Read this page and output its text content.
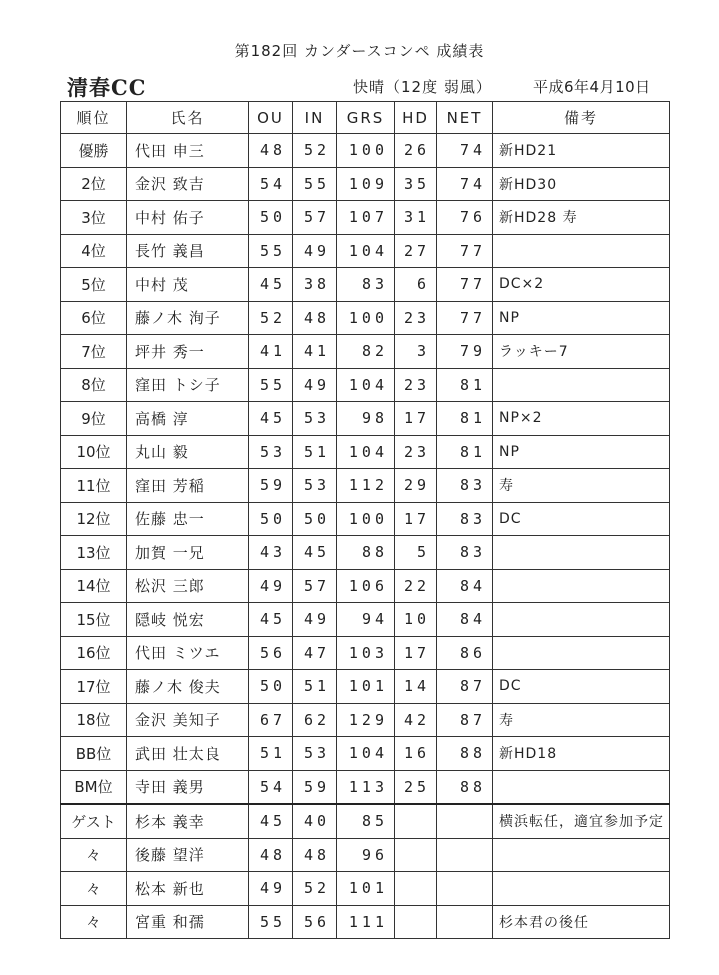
第182回 カンダースコンペ 成績表
清春CC	快晴（12度 弱風）	平成6年4月10日
順位	氏名	OU	IN	GRS	HD	NET	備考
優勝	代田 申三	48	52	100	26	74	新HD21
2位	金沢 致吉	54	55	109	35	74	新HD30
3位	中村 佑子	50	57	107	31	76	新HD28 寿
4位	長竹 義昌	55	49	104	27	77	
5位	中村 茂	45	38	83	6	77	DC×2
6位	藤ノ木 洵子	52	48	100	23	77	NP
7位	坪井 秀一	41	41	82	3	79	ラッキー7
8位	窪田 トシ子	55	49	104	23	81	
9位	高橋 淳	45	53	98	17	81	NP×2
10位	丸山 毅	53	51	104	23	81	NP
11位	窪田 芳稲	59	53	112	29	83	寿
12位	佐藤 忠一	50	50	100	17	83	DC
13位	加賀 一兄	43	45	88	5	83	
14位	松沢 三郎	49	57	106	22	84	
15位	隠岐 悦宏	45	49	94	10	84	
16位	代田 ミツエ	56	47	103	17	86	
17位	藤ノ木 俊夫	50	51	101	14	87	DC
18位	金沢 美知子	67	62	129	42	87	寿
BB位	武田 壮太良	51	53	104	16	88	新HD18
BM位	寺田 義男	54	59	113	25	88	
ゲスト	杉本 義幸	45	40	85			横浜転任，適宜参加予定
々	後藤 望洋	48	48	96			
々	松本 新也	49	52	101			
々	宮重 和孺	55	56	111			杉本君の後任
